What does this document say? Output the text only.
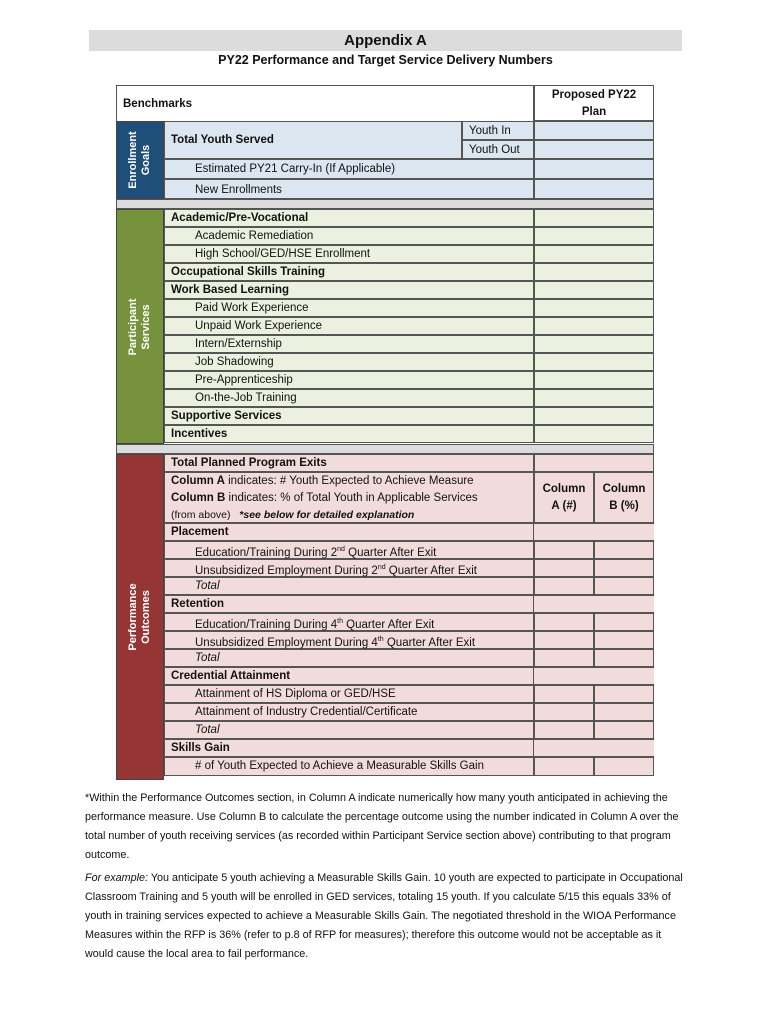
Appendix A
PY22 Performance and Target Service Delivery Numbers
Benchmarks
Proposed PY22
Plan
Enrollment Goals
Total Youth Served
Youth In
Youth Out
Estimated PY21 Carry-In (If Applicable)
New Enrollments
Participant Services
Academic/Pre-Vocational
Academic Remediation
High School/GED/HSE Enrollment
Occupational Skills Training
Work Based Learning
Paid Work Experience
Unpaid Work Experience
Intern/Externship
Job Shadowing
Pre-Apprenticeship
On-the-Job Training
Supportive Services
Incentives
Performance Outcomes
Total Planned Program Exits
Column A indicates: # Youth Expected to Achieve Measure
Column B indicates: % of Total Youth in Applicable Services
(from above) *see below for detailed explanation
Column
A (#)
Column
B (%)
Placement
Education/Training During 2nd Quarter After Exit
Unsubsidized Employment During 2nd Quarter After Exit
Total
Retention
Education/Training During 4th Quarter After Exit
Unsubsidized Employment During 4th Quarter After Exit
Total
Credential Attainment
Attainment of HS Diploma or GED/HSE
Attainment of Industry Credential/Certificate
Total
Skills Gain
# of Youth Expected to Achieve a Measurable Skills Gain

*Within the Performance Outcomes section, in Column A indicate numerically how many youth anticipated in achieving the performance measure. Use Column B to calculate the percentage outcome using the number indicated in Column A over the total number of youth receiving services (as recorded within Participant Service section above) contributing to that program outcome.

For example: You anticipate 5 youth achieving a Measurable Skills Gain. 10 youth are expected to participate in Occupational Classroom Training and 5 youth will be enrolled in GED services, totaling 15 youth. If you calculate 5/15 this equals 33% of youth in training services expected to achieve a Measurable Skills Gain. The negotiated threshold in the WIOA Performance Measures within the RFP is 36% (refer to p.8 of RFP for measures); therefore this outcome would not be acceptable as it would cause the local area to fail performance.
